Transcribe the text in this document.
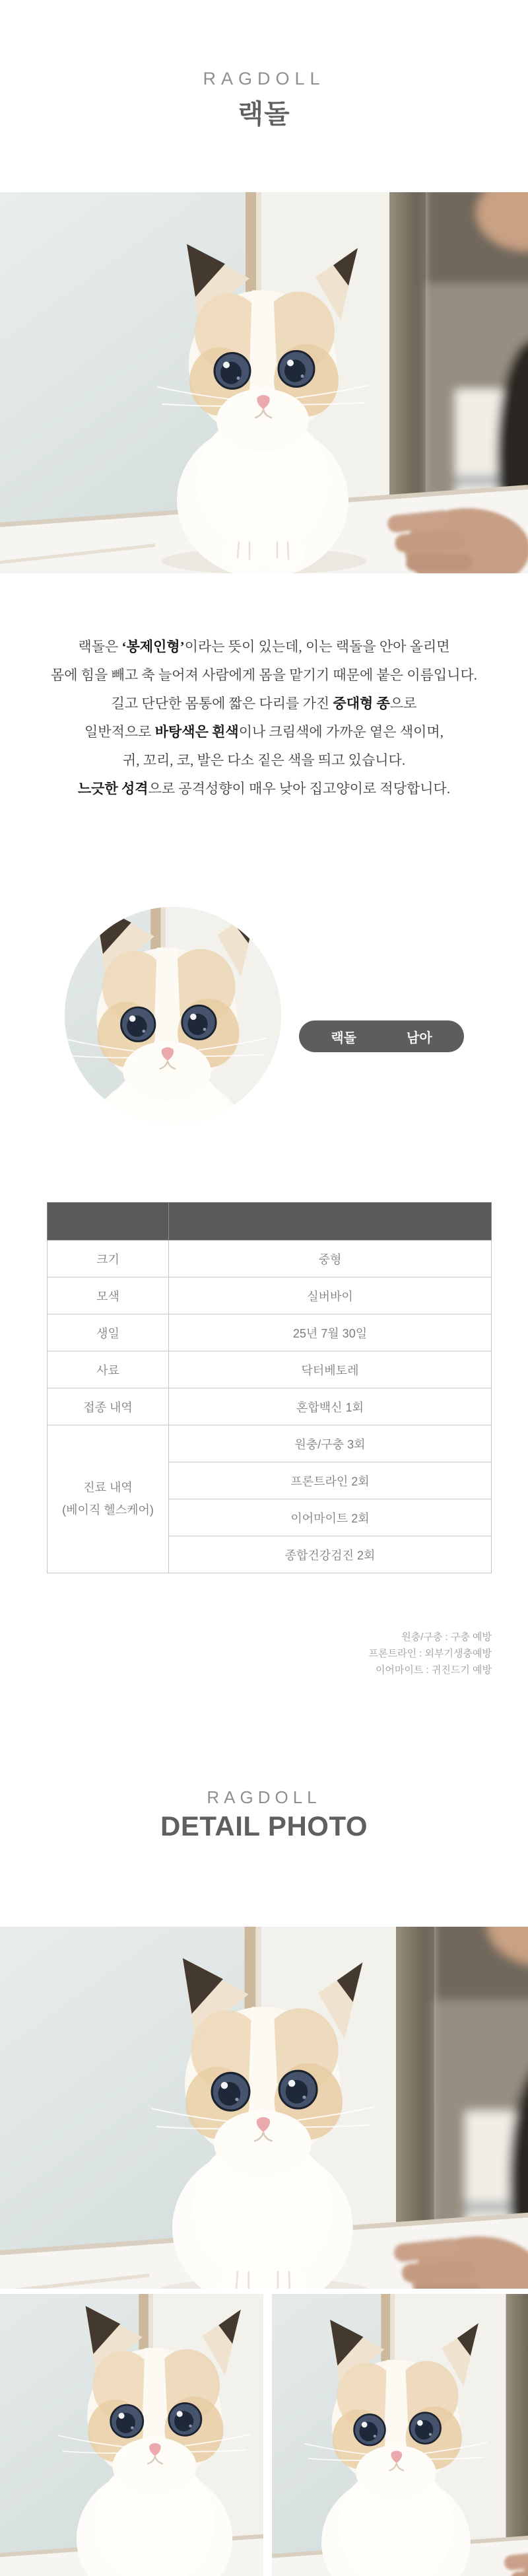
RAGDOLL
랙돌

랙돌은 ‘봉제인형’이라는 뜻이 있는데, 이는 랙돌을 안아 올리면

몸에 힘을 빼고 축 늘어져 사람에게 몸을 맡기기 때문에 붙은 이름입니다.

길고 단단한 몸통에 짧은 다리를 가진 중대형 종으로

일반적으로 바탕색은 흰색이나 크림색에 가까운 옅은 색이며,

귀, 꼬리, 코, 발은 다소 짙은 색을 띄고 있습니다.

느긋한 성격으로 공격성향이 매우 낮아 집고양이로 적당합니다.

랙돌	남아

크기	중형
모색	실버바이
생일	25년 7월 30일
사료	닥터베토레
접종 내역	혼합백신 1회
진료 내역
(베이직 헬스케어)	원충/구충 3회
	프론트라인 2회
	이어마이트 2회
	종합건강검진 2회
원충/구충 : 구충 예방
프론트라인 : 외부기생충예방
이어마이트 : 귀진드기 예방
RAGDOLL
DETAIL PHOTO
